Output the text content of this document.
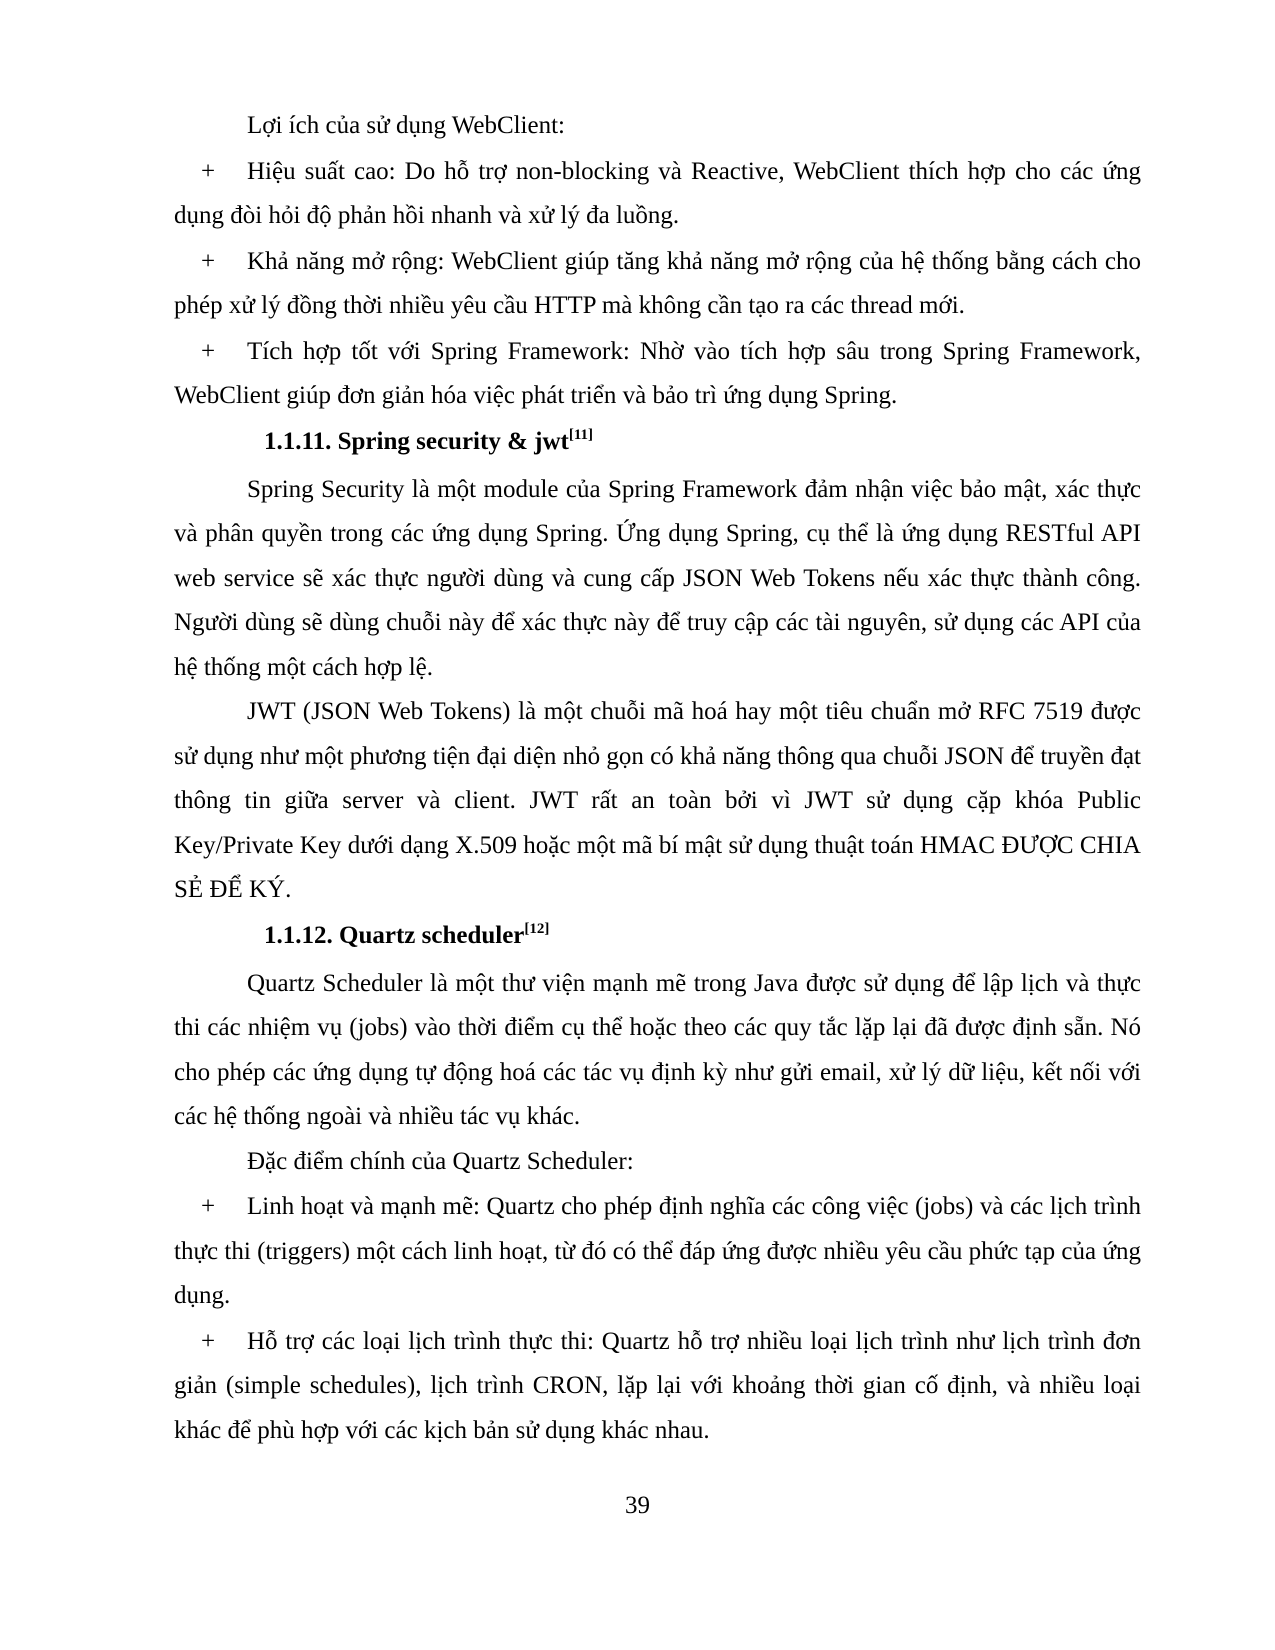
Lợi ích của sử dụng WebClient:

+ Hiệu suất cao: Do hỗ trợ non-blocking và Reactive, WebClient thích hợp cho các ứng dụng đòi hỏi độ phản hồi nhanh và xử lý đa luồng.
+ Khả năng mở rộng: WebClient giúp tăng khả năng mở rộng của hệ thống bằng cách cho phép xử lý đồng thời nhiều yêu cầu HTTP mà không cần tạo ra các thread mới.
+ Tích hợp tốt với Spring Framework: Nhờ vào tích hợp sâu trong Spring Framework, WebClient giúp đơn giản hóa việc phát triển và bảo trì ứng dụng Spring.
1.1.11. Spring security & jwt[11]

Spring Security là một module của Spring Framework đảm nhận việc bảo mật, xác thực và phân quyền trong các ứng dụng Spring. Ứng dụng Spring, cụ thể là ứng dụng RESTful API web service sẽ xác thực người dùng và cung cấp JSON Web Tokens nếu xác thực thành công. Người dùng sẽ dùng chuỗi này để xác thực này để truy cập các tài nguyên, sử dụng các API của hệ thống một cách hợp lệ.

JWT (JSON Web Tokens) là một chuỗi mã hoá hay một tiêu chuẩn mở RFC 7519 được sử dụng như một phương tiện đại diện nhỏ gọn có khả năng thông qua chuỗi JSON để truyền đạt thông tin giữa server và client. JWT rất an toàn bởi vì JWT sử dụng cặp khóa Public Key/Private Key dưới dạng X.509 hoặc một mã bí mật sử dụng thuật toán HMAC ĐƯỢC CHIA SẺ ĐỂ KÝ.

1.1.12. Quartz scheduler[12]

Quartz Scheduler là một thư viện mạnh mẽ trong Java được sử dụng để lập lịch và thực thi các nhiệm vụ (jobs) vào thời điểm cụ thể hoặc theo các quy tắc lặp lại đã được định sẵn. Nó cho phép các ứng dụng tự động hoá các tác vụ định kỳ như gửi email, xử lý dữ liệu, kết nối với các hệ thống ngoài và nhiều tác vụ khác.

Đặc điểm chính của Quartz Scheduler:

+ Linh hoạt và mạnh mẽ: Quartz cho phép định nghĩa các công việc (jobs) và các lịch trình thực thi (triggers) một cách linh hoạt, từ đó có thể đáp ứng được nhiều yêu cầu phức tạp của ứng dụng.
+ Hỗ trợ các loại lịch trình thực thi: Quartz hỗ trợ nhiều loại lịch trình như lịch trình đơn giản (simple schedules), lịch trình CRON, lặp lại với khoảng thời gian cố định, và nhiều loại khác để phù hợp với các kịch bản sử dụng khác nhau.
39
